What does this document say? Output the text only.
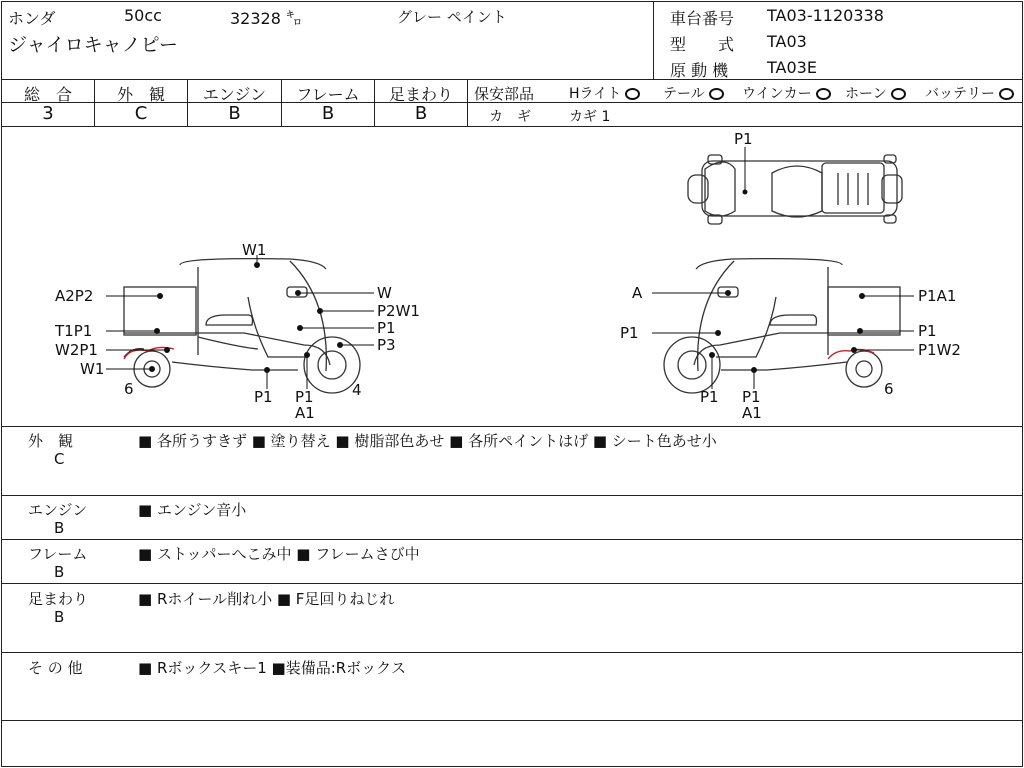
ホンダ	50cc	32328 ㌔	グレー ペイント
ジャイロキャノピー
車台番号 TA03-1120338
型　　式 TA03
原 動 機 TA03E
総　合	外　観	エンジン	フレーム	足まわり
3	C	B	B	B
保安部品 Hライト	テール	ウインカー	ホーン	バッテリー
カ　ギ	カギ 1
P1
W1
A2P2
T1P1
W2P1
W1
6	P1 P1
A1
W
P2W1
P1
P3
4
A
P1
P1 P1
A1
P1A1
P1
P1W2
6
外　観
C
■ 各所うすきず ■ 塗り替え ■ 樹脂部色あせ ■ 各所ペイントはげ ■ シート色あせ小
エンジン
B
■ エンジン音小
フレーム
B
■ ストッパーへこみ中 ■ フレームさび中
足まわり
B
■ Rホイール削れ小 ■ F足回りねじれ
そ の 他	■ Rボックスキー1 ■装備品:Rボックス
